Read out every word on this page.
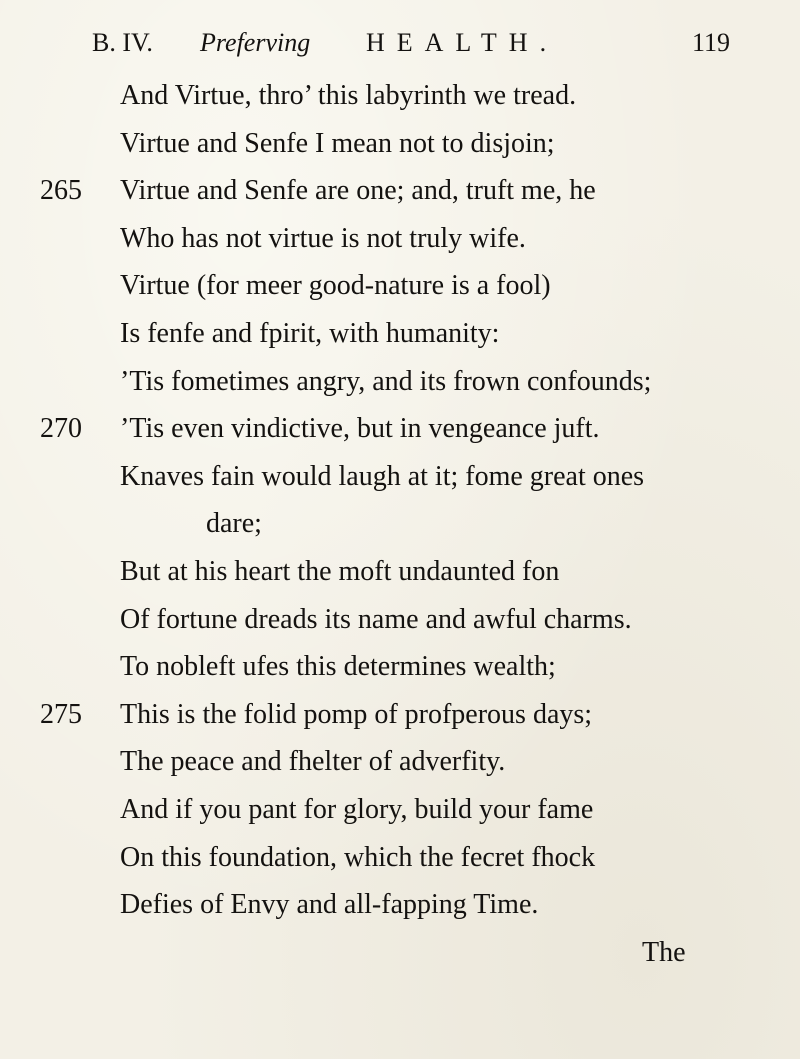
B. IV. Preferving HEALTH.	119
And Virtue, thro’ this labyrinth we tread.
Virtue and Senfe I mean not to disjoin;
265	Virtue and Senfe are one; and, truft me, he
Who has not virtue is not truly wife.
Virtue (for meer good-nature is a fool)
Is fenfe and fpirit, with humanity:
’Tis fometimes angry, and its frown confounds;
270	’Tis even vindictive, but in vengeance juft.
Knaves fain would laugh at it; fome great ones
dare;
But at his heart the moft undaunted fon
Of fortune dreads its name and awful charms.
To nobleft ufes this determines wealth;
275	This is the folid pomp of profperous days;
The peace and fhelter of adverfity.
And if you pant for glory, build your fame
On this foundation, which the fecret fhock
Defies of Envy and all-fapping Time.
The
